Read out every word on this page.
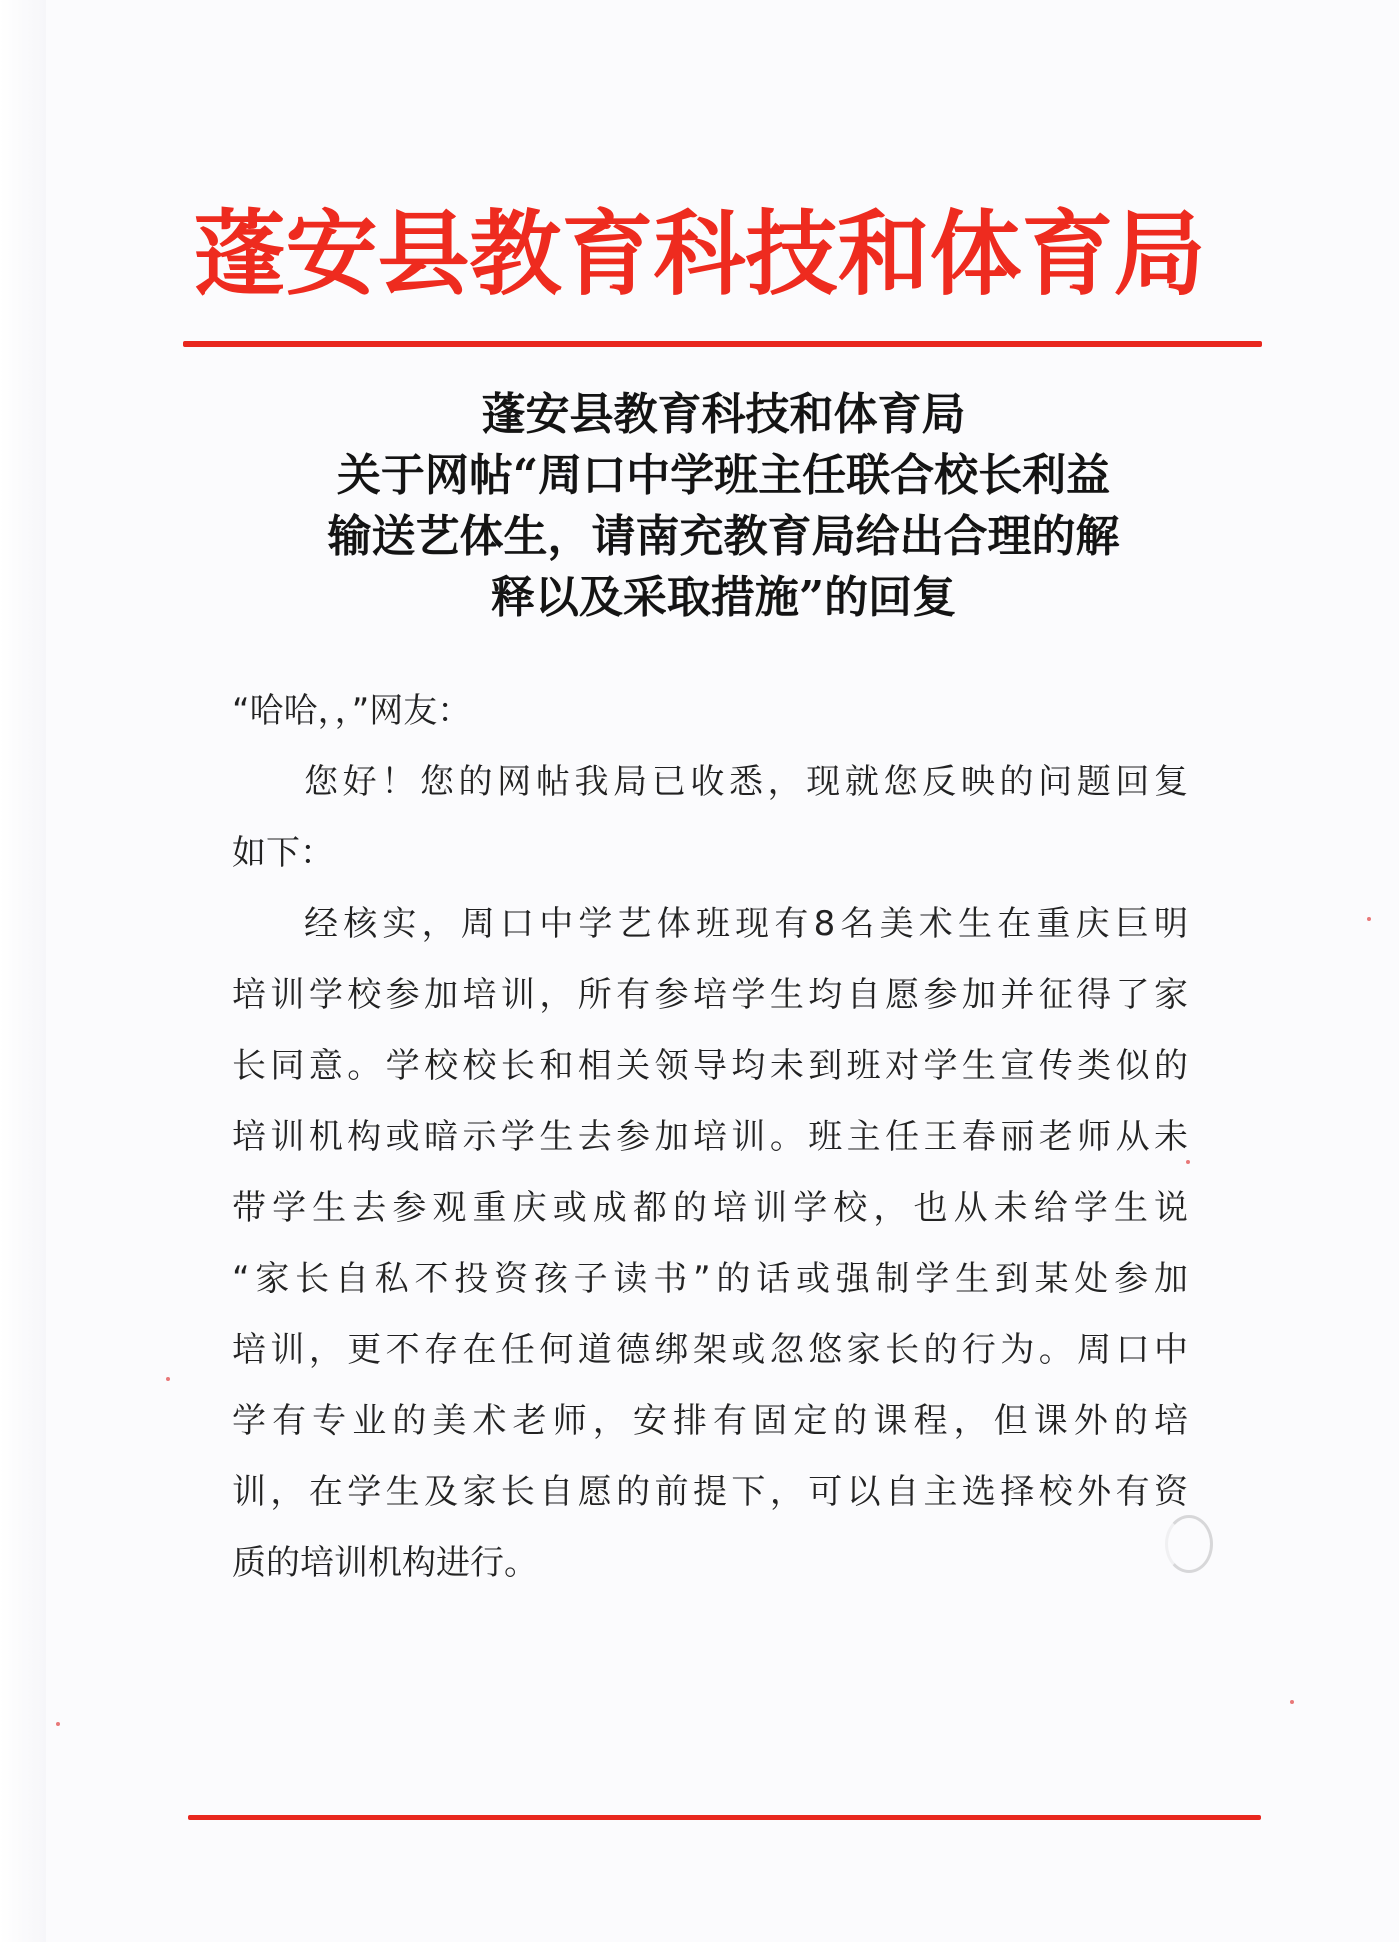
蓬安县教育科技和体育局
蓬安县教育科技和体育局
关于网帖“周口中学班主任联合校长利益
输送艺体生，请南充教育局给出合理的解
释以及采取措施”的回复
“哈哈，，”网友：
您好！您的网帖我局已收悉，现就您反映的问题回复
如下：
经核实，周口中学艺体班现有8名美术生在重庆巨明
培训学校参加培训，所有参培学生均自愿参加并征得了家
长同意。学校校长和相关领导均未到班对学生宣传类似的
培训机构或暗示学生去参加培训。班主任王春丽老师从未
带学生去参观重庆或成都的培训学校，也从未给学生说
“家长自私不投资孩子读书”的话或强制学生到某处参加
培训，更不存在任何道德绑架或忽悠家长的行为。周口中
学有专业的美术老师，安排有固定的课程，但课外的培
训，在学生及家长自愿的前提下，可以自主选择校外有资
质的培训机构进行。
